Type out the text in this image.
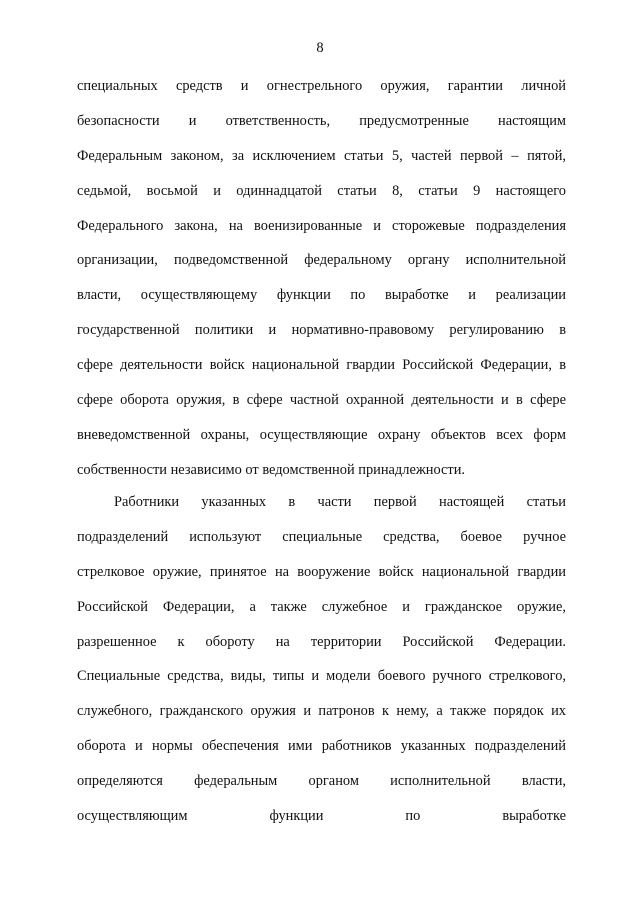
8
специальных средств и огнестрельного оружия, гарантии личной
безопасности и ответственность, предусмотренные настоящим
Федеральным законом, за исключением статьи 5, частей первой – пятой,
седьмой, восьмой и одиннадцатой статьи 8, статьи 9 настоящего
Федерального закона, на военизированные и сторожевые подразделения
организации, подведомственной федеральному органу исполнительной
власти, осуществляющему функции по выработке и реализации
государственной политики и нормативно-правовому регулированию в
сфере деятельности войск национальной гвардии Российской Федерации, в
сфере оборота оружия, в сфере частной охранной деятельности и в сфере
вневедомственной охраны, осуществляющие охрану объектов всех форм
собственности независимо от ведомственной принадлежности.
Работники указанных в части первой настоящей статьи
подразделений используют специальные средства, боевое ручное
стрелковое оружие, принятое на вооружение войск национальной гвардии
Российской Федерации, а также служебное и гражданское оружие,
разрешенное к обороту на территории Российской Федерации.
Специальные средства, виды, типы и модели боевого ручного стрелкового,
служебного, гражданского оружия и патронов к нему, а также порядок их
оборота и нормы обеспечения ими работников указанных подразделений
определяются федеральным органом исполнительной власти,
осуществляющим функции по выработке
